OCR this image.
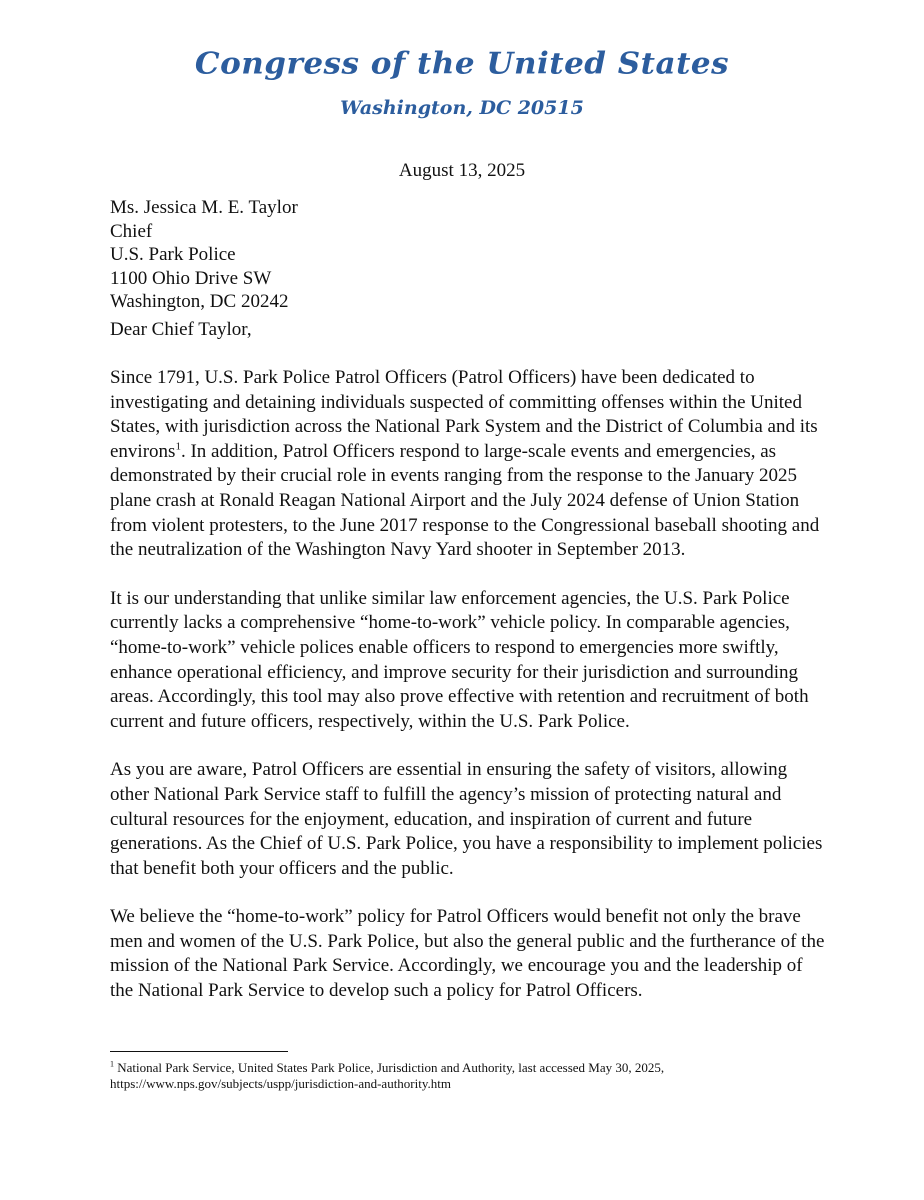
Congress of the United States
Washington, DC 20515
August 13, 2025
Ms. Jessica M. E. Taylor
Chief
U.S. Park Police
1100 Ohio Drive SW
Washington, DC 20242
Dear Chief Taylor,

Since 1791, U.S. Park Police Patrol Officers (Patrol Officers) have been dedicated to investigating and detaining individuals suspected of committing offenses within the United States, with jurisdiction across the National Park System and the District of Columbia and its environs$^1$. In addition, Patrol Officers respond to large-scale events and emergencies, as demonstrated by their crucial role in events ranging from the response to the January 2025 plane crash at Ronald Reagan National Airport and the July 2024 defense of Union Station from violent protesters, to the June 2017 response to the Congressional baseball shooting and the neutralization of the Washington Navy Yard shooter in September 2013.

It is our understanding that unlike similar law enforcement agencies, the U.S. Park Police currently lacks a comprehensive “home-to-work” vehicle policy. In comparable agencies, “home-to-work” vehicle polices enable officers to respond to emergencies more swiftly, enhance operational efficiency, and improve security for their jurisdiction and surrounding areas. Accordingly, this tool may also prove effective with retention and recruitment of both current and future officers, respectively, within the U.S. Park Police.

As you are aware, Patrol Officers are essential in ensuring the safety of visitors, allowing other National Park Service staff to fulfill the agency’s mission of protecting natural and cultural resources for the enjoyment, education, and inspiration of current and future generations. As the Chief of U.S. Park Police, you have a responsibility to implement policies that benefit both your officers and the public.

We believe the “home-to-work” policy for Patrol Officers would benefit not only the brave men and women of the U.S. Park Police, but also the general public and the furtherance of the mission of the National Park Service. Accordingly, we encourage you and the leadership of the National Park Service to develop such a policy for Patrol Officers.

$^1$ National Park Service, United States Park Police, Jurisdiction and Authority, last accessed May 30, 2025,
https://www.nps.gov/subjects/uspp/jurisdiction-and-authority.htm
